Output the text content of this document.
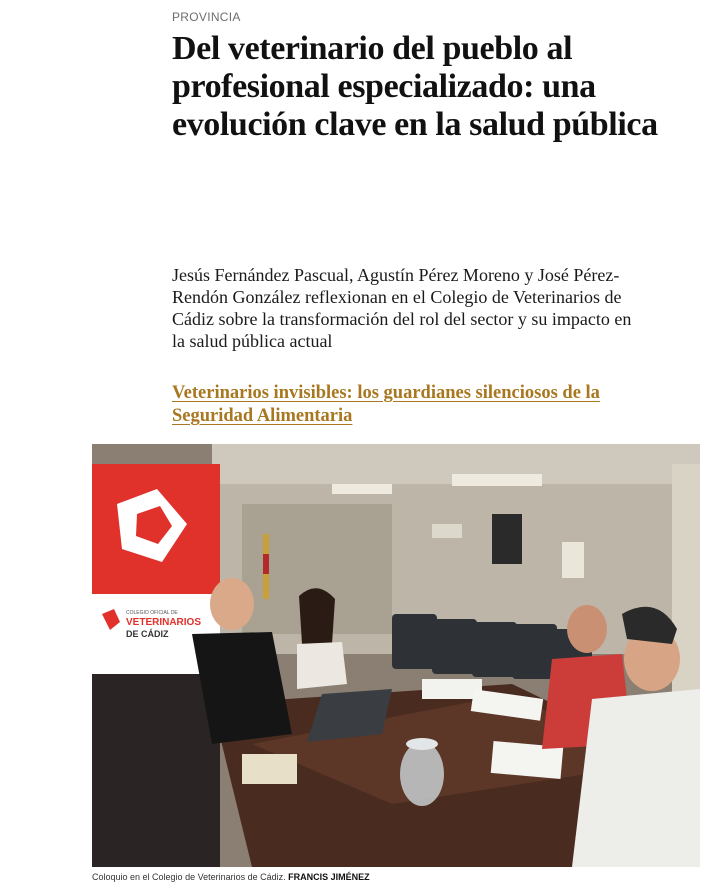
PROVINCIA
Del veterinario del pueblo al profesional especializado: una evolución clave en la salud pública

Jesús Fernández Pascual, Agustín Pérez Moreno y José Pérez-Rendón González reflexionan en el Colegio de Veterinarios de Cádiz sobre la transformación del rol del sector y su impacto en la salud pública actual

Veterinarios invisibles: los guardianes silenciosos de la Seguridad Alimentaria
COLEGIO OFICIAL DE
VETERINARIOS
DE CÁDIZ
Coloquio en el Colegio de Veterinarios de Cádiz. FRANCIS JIMÉNEZ
